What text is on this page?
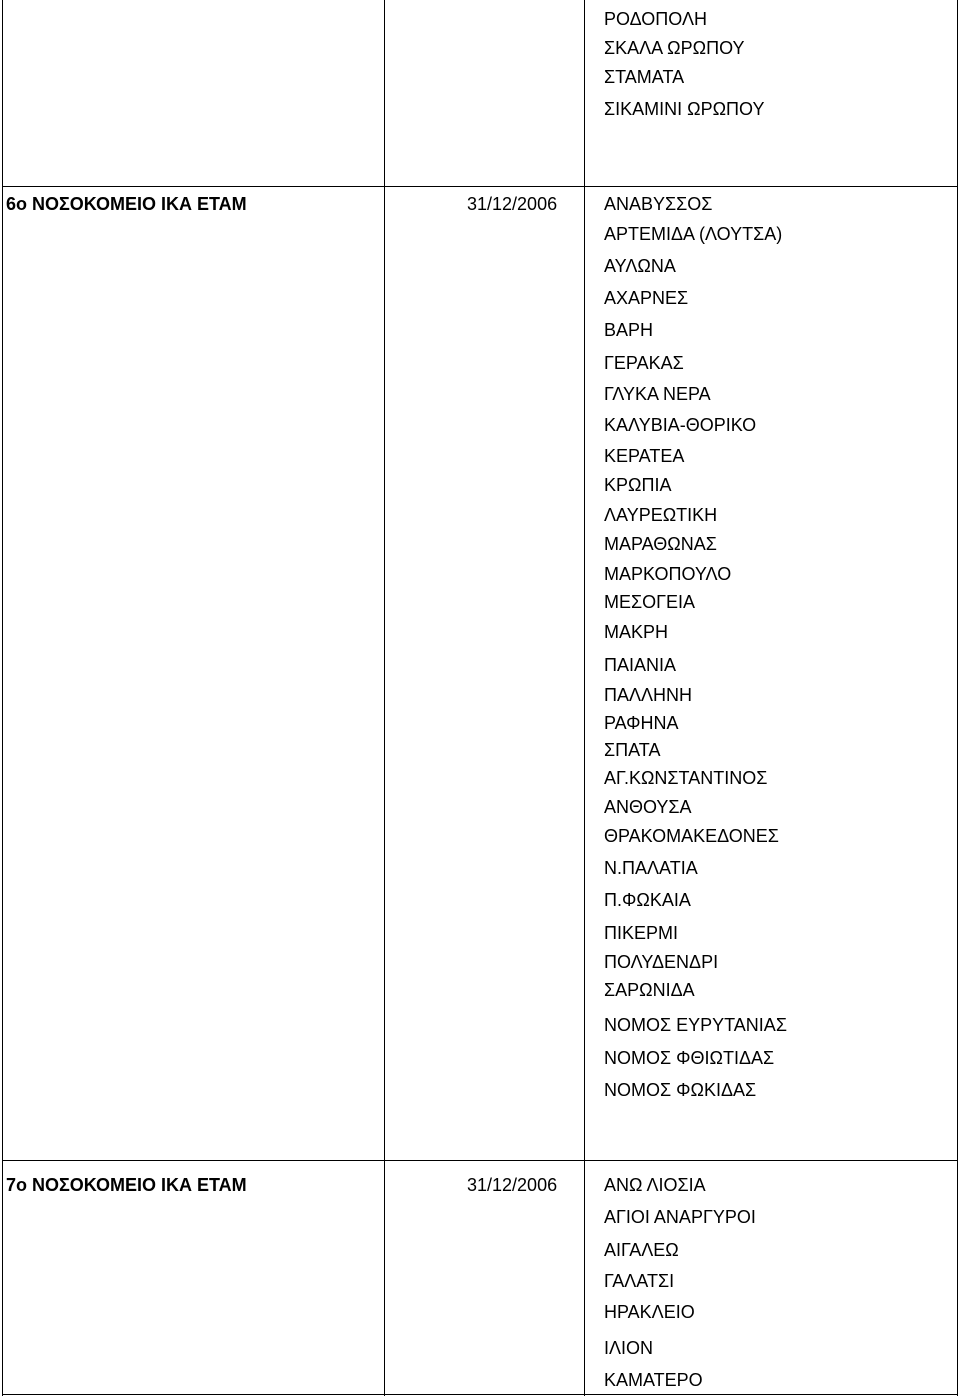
ΡΟΔΟΠΟΛΗ
ΣΚΑΛΑ ΩΡΩΠΟΥ
ΣΤΑΜΑΤΑ
ΣΙΚΑΜΙΝΙ ΩΡΩΠΟΥ
6ο ΝΟΣΟΚΟΜΕΙΟ ΙΚΑ ΕΤΑΜ	31/12/2006	ΑΝΑΒΥΣΣΟΣ
ΑΡΤΕΜΙΔΑ (ΛΟΥΤΣΑ)
ΑΥΛΩΝΑ
ΑΧΑΡΝΕΣ
ΒΑΡΗ
ΓΕΡΑΚΑΣ
ΓΛΥΚΑ ΝΕΡΑ
ΚΑΛΥΒΙΑ-ΘΟΡΙΚΟ
ΚΕΡΑΤΕΑ
ΚΡΩΠΙΑ
ΛΑΥΡΕΩΤΙΚΗ
ΜΑΡΑΘΩΝΑΣ
ΜΑΡΚΟΠΟΥΛΟ
ΜΕΣΟΓΕΙΑ
ΜΑΚΡΗ
ΠΑΙΑΝΙΑ
ΠΑΛΛΗΝΗ
ΡΑΦΗΝΑ
ΣΠΑΤΑ
ΑΓ.ΚΩΝΣΤΑΝΤΙΝΟΣ
ΑΝΘΟΥΣΑ
ΘΡΑΚΟΜΑΚΕΔΟΝΕΣ
Ν.ΠΑΛΑΤΙΑ
Π.ΦΩΚΑΙΑ
ΠΙΚΕΡΜΙ
ΠΟΛΥΔΕΝΔΡΙ
ΣΑΡΩΝΙΔΑ
ΝΟΜΟΣ ΕΥΡΥΤΑΝΙΑΣ
ΝΟΜΟΣ ΦΘΙΩΤΙΔΑΣ
ΝΟΜΟΣ ΦΩΚΙΔΑΣ
7ο ΝΟΣΟΚΟΜΕΙΟ ΙΚΑ ΕΤΑΜ	31/12/2006	ΑΝΩ ΛΙΟΣΙΑ
ΑΓΙΟΙ ΑΝΑΡΓΥΡΟΙ
ΑΙΓΑΛΕΩ
ΓΑΛΑΤΣΙ
ΗΡΑΚΛΕΙΟ
ΙΛΙΟΝ
ΚΑΜΑΤΕΡΟ
